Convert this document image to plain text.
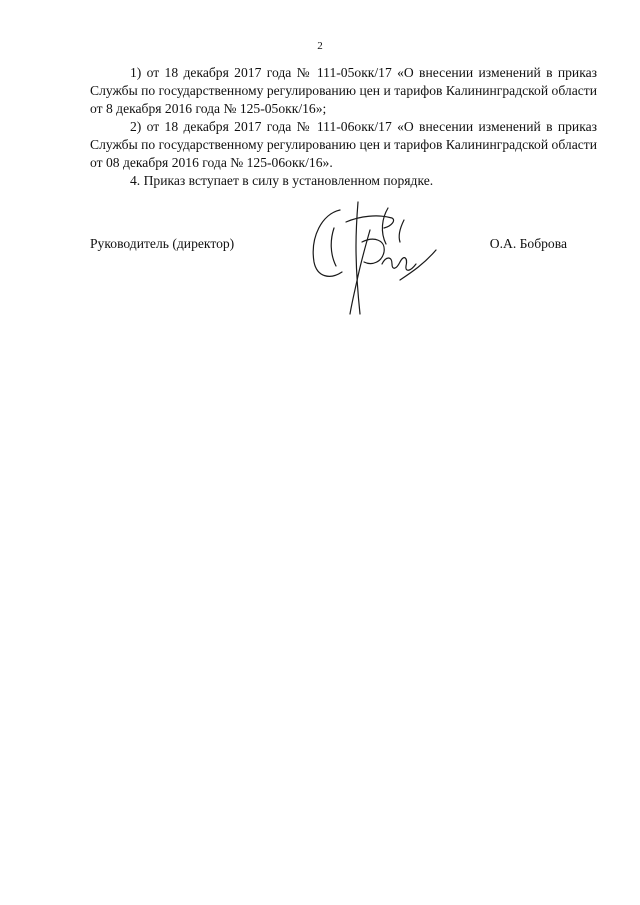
2

1) от 18 декабря 2017 года № 111-05окк/17 «О внесении изменений в приказ Службы по государственному регулированию цен и тарифов Калининградской области от 8 декабря 2016 года № 125-05окк/16»;

2) от 18 декабря 2017 года № 111-06окк/17 «О внесении изменений в приказ Службы по государственному регулированию цен и тарифов Калининградской области от 08 декабря 2016 года № 125-06окк/16».

4. Приказ вступает в силу в установленном порядке.

Руководитель (директор)	О.А. Боброва
